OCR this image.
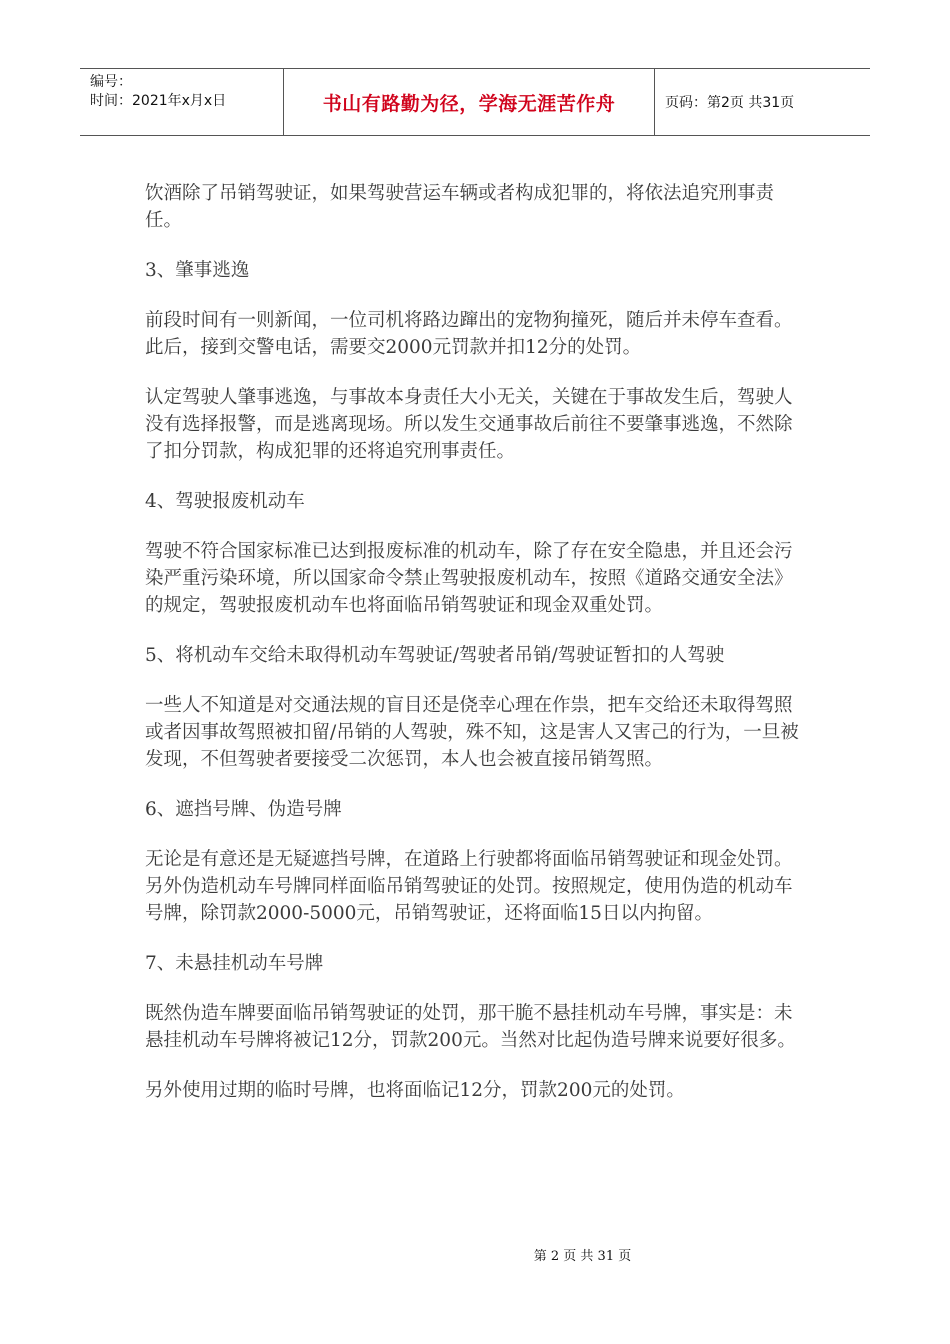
编号：
时间：2021年x月x日	书山有路勤为径，学海无涯苦作舟	页码：第2页 共31页

饮酒除了吊销驾驶证，如果驾驶营运车辆或者构成犯罪的，将依法追究刑事责任。

3、肇事逃逸

前段时间有一则新闻，一位司机将路边蹿出的宠物狗撞死，随后并未停车查看。此后，接到交警电话，需要交2000元罚款并扣12分的处罚。

认定驾驶人肇事逃逸，与事故本身责任大小无关，关键在于事故发生后，驾驶人没有选择报警，而是逃离现场。所以发生交通事故后前往不要肇事逃逸，不然除了扣分罚款，构成犯罪的还将追究刑事责任。

4、驾驶报废机动车

驾驶不符合国家标准已达到报废标准的机动车，除了存在安全隐患，并且还会污染严重污染环境，所以国家命令禁止驾驶报废机动车，按照《道路交通安全法》的规定，驾驶报废机动车也将面临吊销驾驶证和现金双重处罚。

5、将机动车交给未取得机动车驾驶证/驾驶者吊销/驾驶证暂扣的人驾驶

一些人不知道是对交通法规的盲目还是侥幸心理在作祟，把车交给还未取得驾照或者因事故驾照被扣留/吊销的人驾驶，殊不知，这是害人又害己的行为，一旦被发现，不但驾驶者要接受二次惩罚，本人也会被直接吊销驾照。

6、遮挡号牌、伪造号牌

无论是有意还是无疑遮挡号牌，在道路上行驶都将面临吊销驾驶证和现金处罚。另外伪造机动车号牌同样面临吊销驾驶证的处罚。按照规定，使用伪造的机动车号牌，除罚款2000-5000元，吊销驾驶证，还将面临15日以内拘留。

7、未悬挂机动车号牌

既然伪造车牌要面临吊销驾驶证的处罚，那干脆不悬挂机动车号牌，事实是：未悬挂机动车号牌将被记12分，罚款200元。当然对比起伪造号牌来说要好很多。

另外使用过期的临时号牌，也将面临记12分，罚款200元的处罚。

第 2 页 共 31 页
